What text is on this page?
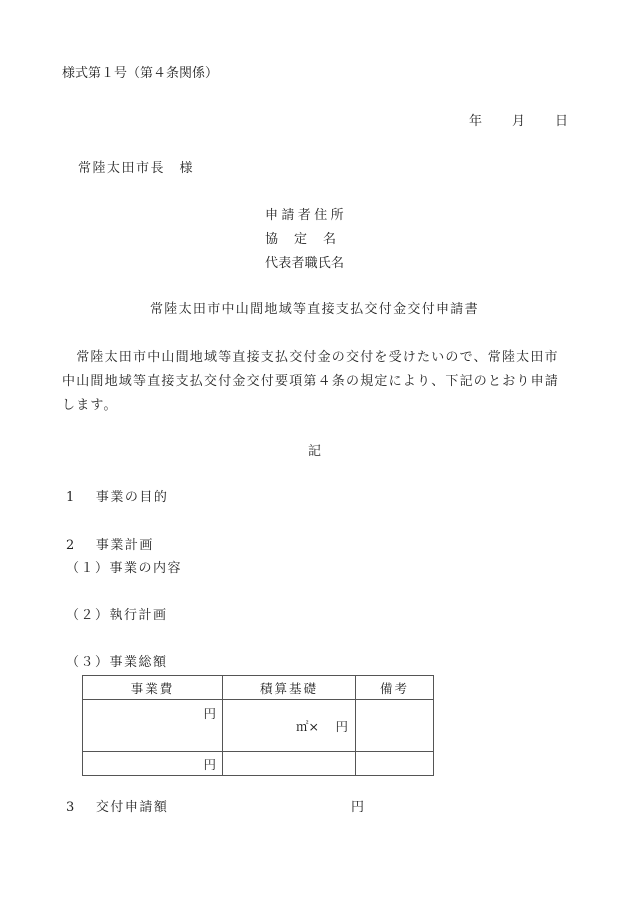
様式第１号（第４条関係）
年 月 日
常陸太田市長　様
申請者住所
協　定　名
代表者職氏名
常陸太田市中山間地域等直接支払交付金交付申請書
　常陸太田市中山間地域等直接支払交付金の交付を受けたいので、常陸太田市
中山間地域等直接支払交付金交付要項第４条の規定により、下記のとおり申請
します。
記
1　 事業の目的
2　 事業計画
（１）事業の内容
（２）執行計画
（３）事業総額
事業費	積算基礎	備考
円	㎡×　 円	
円		
3　 交付申請額	円
